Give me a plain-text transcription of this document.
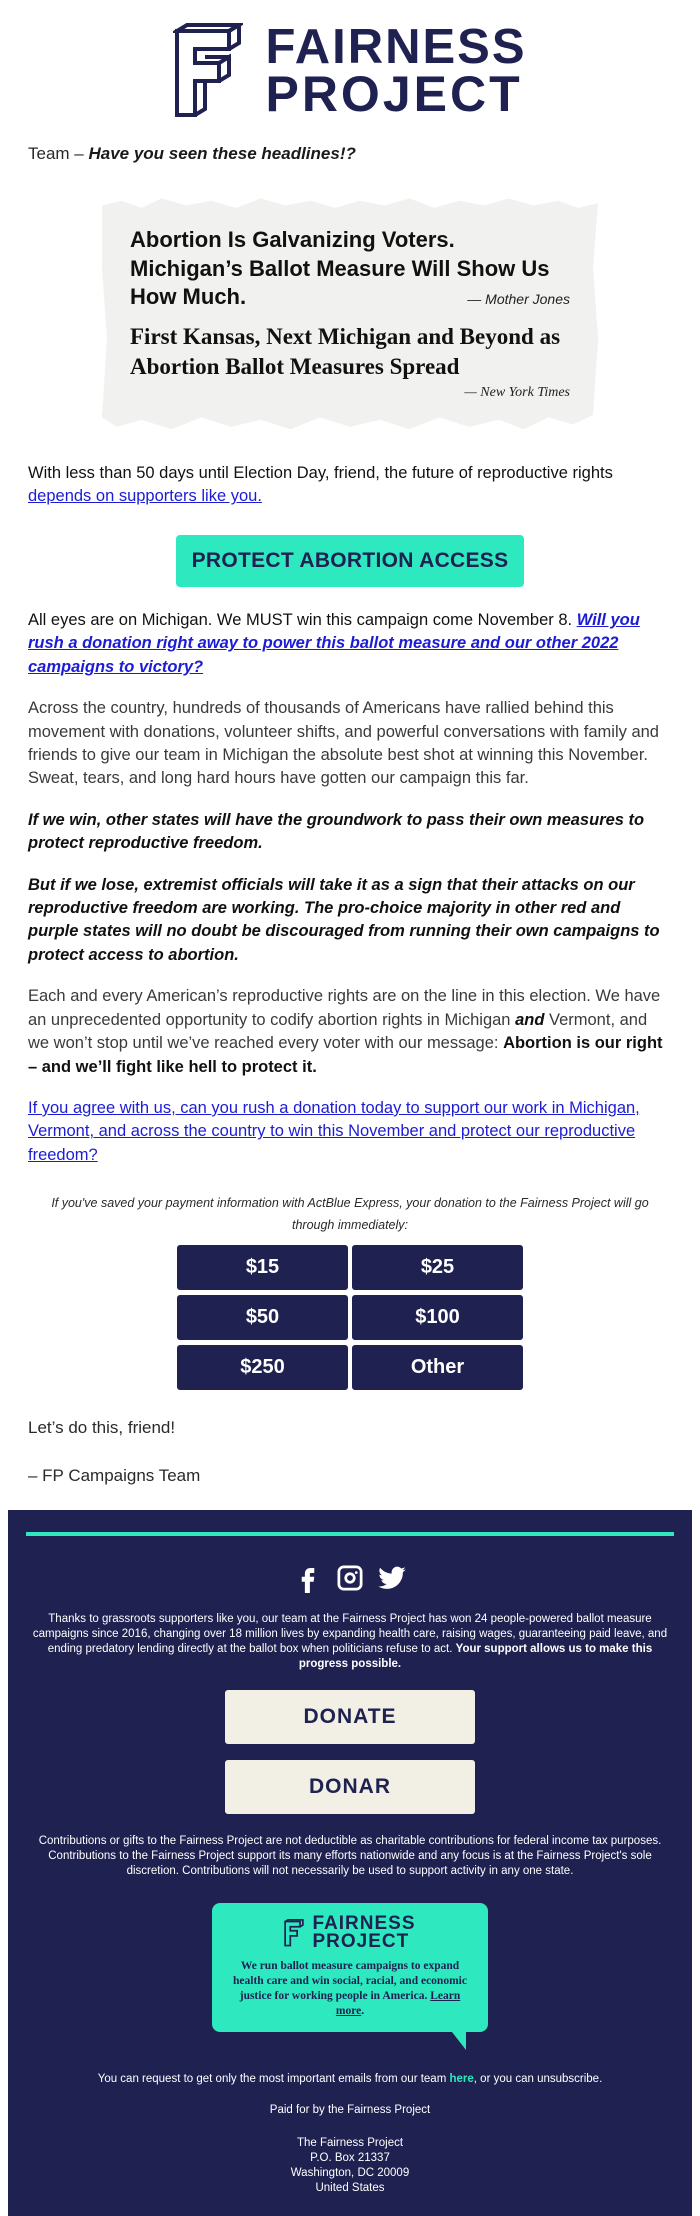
FAIRNESS
PROJECT

Team – Have you seen these headlines!?

Abortion Is Galvanizing Voters. Michigan’s Ballot Measure Will Show Us How Much.	— Mother Jones
First Kansas, Next Michigan and Beyond as Abortion Ballot Measures Spread
— New York Times

With less than 50 days until Election Day, friend, the future of reproductive rights depends on supporters like you.

PROTECT ABORTION ACCESS

All eyes are on Michigan. We MUST win this campaign come November 8. Will you rush a donation right away to power this ballot measure and our other 2022 campaigns to victory?

Across the country, hundreds of thousands of Americans have rallied behind this movement with donations, volunteer shifts, and powerful conversations with family and friends to give our team in Michigan the absolute best shot at winning this November. Sweat, tears, and long hard hours have gotten our campaign this far.

If we win, other states will have the groundwork to pass their own measures to protect reproductive freedom.

But if we lose, extremist officials will take it as a sign that their attacks on our reproductive freedom are working. The pro-choice majority in other red and purple states will no doubt be discouraged from running their own campaigns to protect access to abortion.

Each and every American’s reproductive rights are on the line in this election. We have an unprecedented opportunity to codify abortion rights in Michigan and Vermont, and we won’t stop until we’ve reached every voter with our message: Abortion is our right – and we’ll fight like hell to protect it.

If you agree with us, can you rush a donation today to support our work in Michigan, Vermont, and across the country to win this November and protect our reproductive freedom?

If you've saved your payment information with ActBlue Express, your donation to the Fairness Project will go through immediately:

$15	$25
$50	$100
$250	Other

Let’s do this, friend!

– FP Campaigns Team

Thanks to grassroots supporters like you, our team at the Fairness Project has won 24 people-powered ballot measure campaigns since 2016, changing over 18 million lives by expanding health care, raising wages, guaranteeing paid leave, and ending predatory lending directly at the ballot box when politicians refuse to act. Your support allows us to make this progress possible.

DONATE
DONAR

Contributions or gifts to the Fairness Project are not deductible as charitable contributions for federal income tax purposes. Contributions to the Fairness Project support its many efforts nationwide and any focus is at the Fairness Project's sole discretion. Contributions will not necessarily be used to support activity in any one state.

FAIRNESS
PROJECT

We run ballot measure campaigns to expand health care and win social, racial, and economic justice for working people in America. Learn more.

You can request to get only the most important emails from our team here, or you can unsubscribe.

Paid for by the Fairness Project

The Fairness Project
P.O. Box 21337
Washington, DC 20009
United States
